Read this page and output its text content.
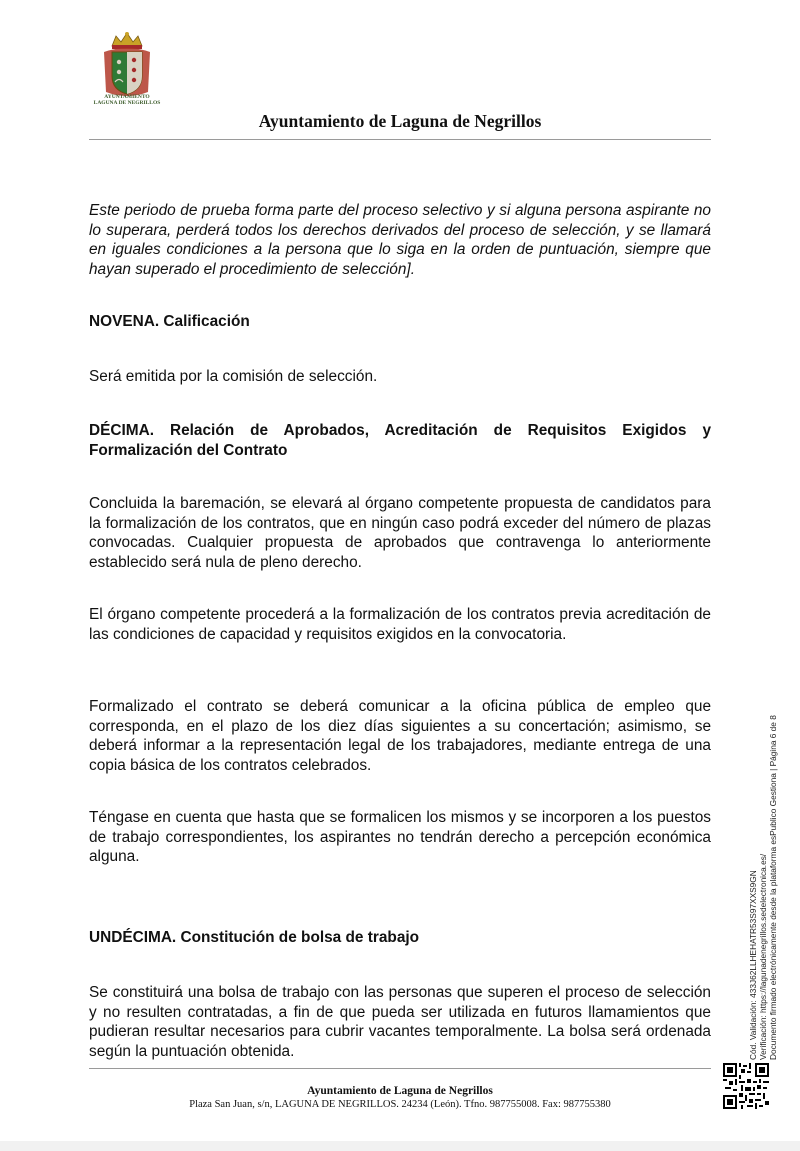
AYUNTAMIENTO
LAGUNA DE NEGRILLOS
Ayuntamiento de Laguna de Negrillos

Este periodo de prueba forma parte del proceso selectivo y si alguna persona aspirante no lo superara, perderá todos los derechos derivados del proceso de selección, y se llamará en iguales condiciones a la persona que lo siga en la orden de puntuación, siempre que hayan superado el procedimiento de selección].

NOVENA. Calificación

Será emitida por la comisión de selección.

DÉCIMA. Relación de Aprobados, Acreditación de Requisitos Exigidos y Formalización del Contrato

Concluida la baremación, se elevará al órgano competente propuesta de candidatos para la formalización de los contratos, que en ningún caso podrá exceder del número de plazas convocadas. Cualquier propuesta de aprobados que contravenga lo anteriormente establecido será nula de pleno derecho.

El órgano competente procederá a la formalización de los contratos previa acreditación de las condiciones de capacidad y requisitos exigidos en la convocatoria.

Formalizado el contrato se deberá comunicar a la oficina pública de empleo que corresponda, en el plazo de los diez días siguientes a su concertación; asimismo, se deberá informar a la representación legal de los trabajadores, mediante entrega de una copia básica de los contratos celebrados.

Téngase en cuenta que hasta que se formalicen los mismos y se incorporen a los puestos de trabajo correspondientes, los aspirantes no tendrán derecho a percepción económica alguna.

UNDÉCIMA. Constitución de bolsa de trabajo

Se constituirá una bolsa de trabajo con las personas que superen el proceso de selección y no resulten contratadas, a fin de que pueda ser utilizada en futuros llamamientos que pudieran resultar necesarios para cubrir vacantes temporalmente. La bolsa será ordenada según la puntuación obtenida.

Ayuntamiento de Laguna de Negrillos
Plaza San Juan, s/n, LAGUNA DE NEGRILLOS. 24234 (León). Tfno. 987755008. Fax: 987755380
Cód. Validación: 433J62LLHEHATR53S97XXS9GN Verificación: https://lagunadenegrillos.sedelectronica.es/ Documento firmado electrónicamente desde la plataforma esPublico Gestiona | Página 6 de 8
